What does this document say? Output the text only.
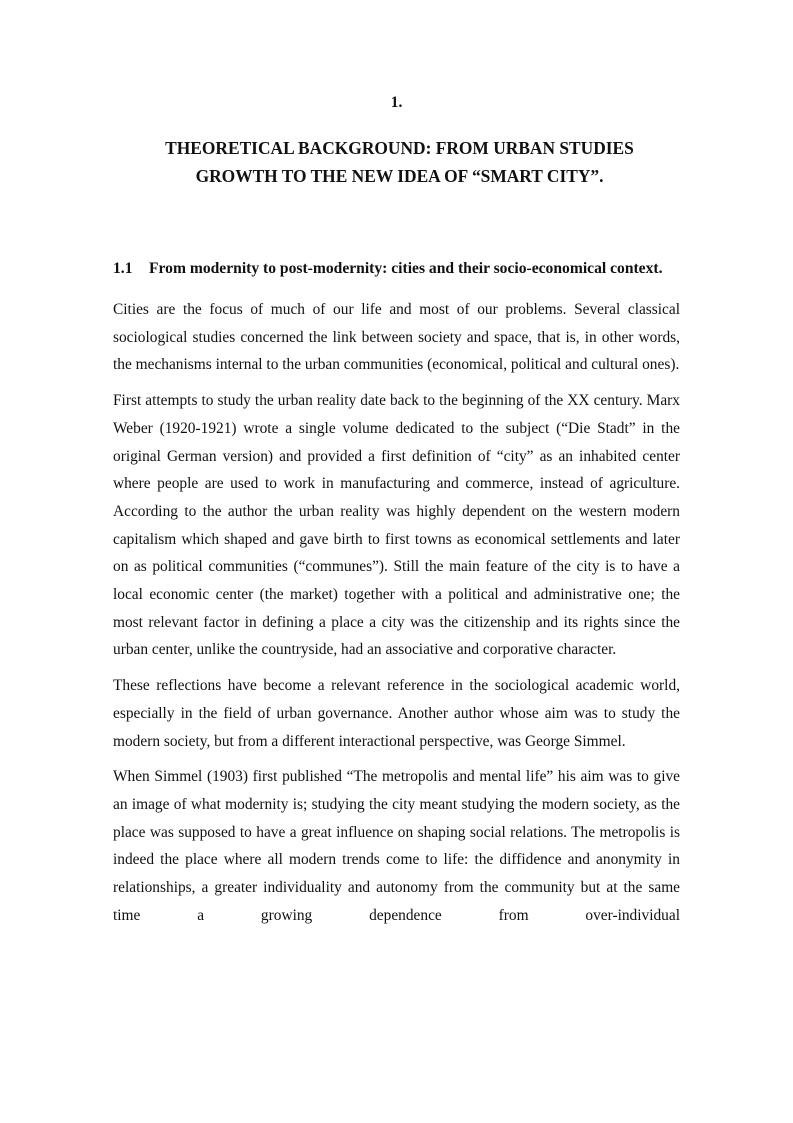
1.
THEORETICAL BACKGROUND: FROM URBAN STUDIES
GROWTH TO THE NEW IDEA OF “SMART CITY”.
1.1 From modernity to post-modernity: cities and their socio-economical context.

Cities are the focus of much of our life and most of our problems. Several classical sociological studies concerned the link between society and space, that is, in other words, the mechanisms internal to the urban communities (economical, political and cultural ones).

First attempts to study the urban reality date back to the beginning of the XX century. Marx Weber (1920-1921) wrote a single volume dedicated to the subject (“Die Stadt” in the original German version) and provided a first definition of “city” as an inhabited center where people are used to work in manufacturing and commerce, instead of agriculture. According to the author the urban reality was highly dependent on the western modern capitalism which shaped and gave birth to first towns as economical settlements and later on as political communities (“communes”). Still the main feature of the city is to have a local economic center (the market) together with a political and administrative one; the most relevant factor in defining a place a city was the citizenship and its rights since the urban center, unlike the countryside, had an associative and corporative character.

These reflections have become a relevant reference in the sociological academic world, especially in the field of urban governance. Another author whose aim was to study the modern society, but from a different interactional perspective, was George Simmel.

When Simmel (1903) first published “The metropolis and mental life” his aim was to give an image of what modernity is; studying the city meant studying the modern society, as the place was supposed to have a great influence on shaping social relations. The metropolis is indeed the place where all modern trends come to life: the diffidence and anonymity in relationships, a greater individuality and autonomy from the community but at the same time a growing dependence from over-individual
